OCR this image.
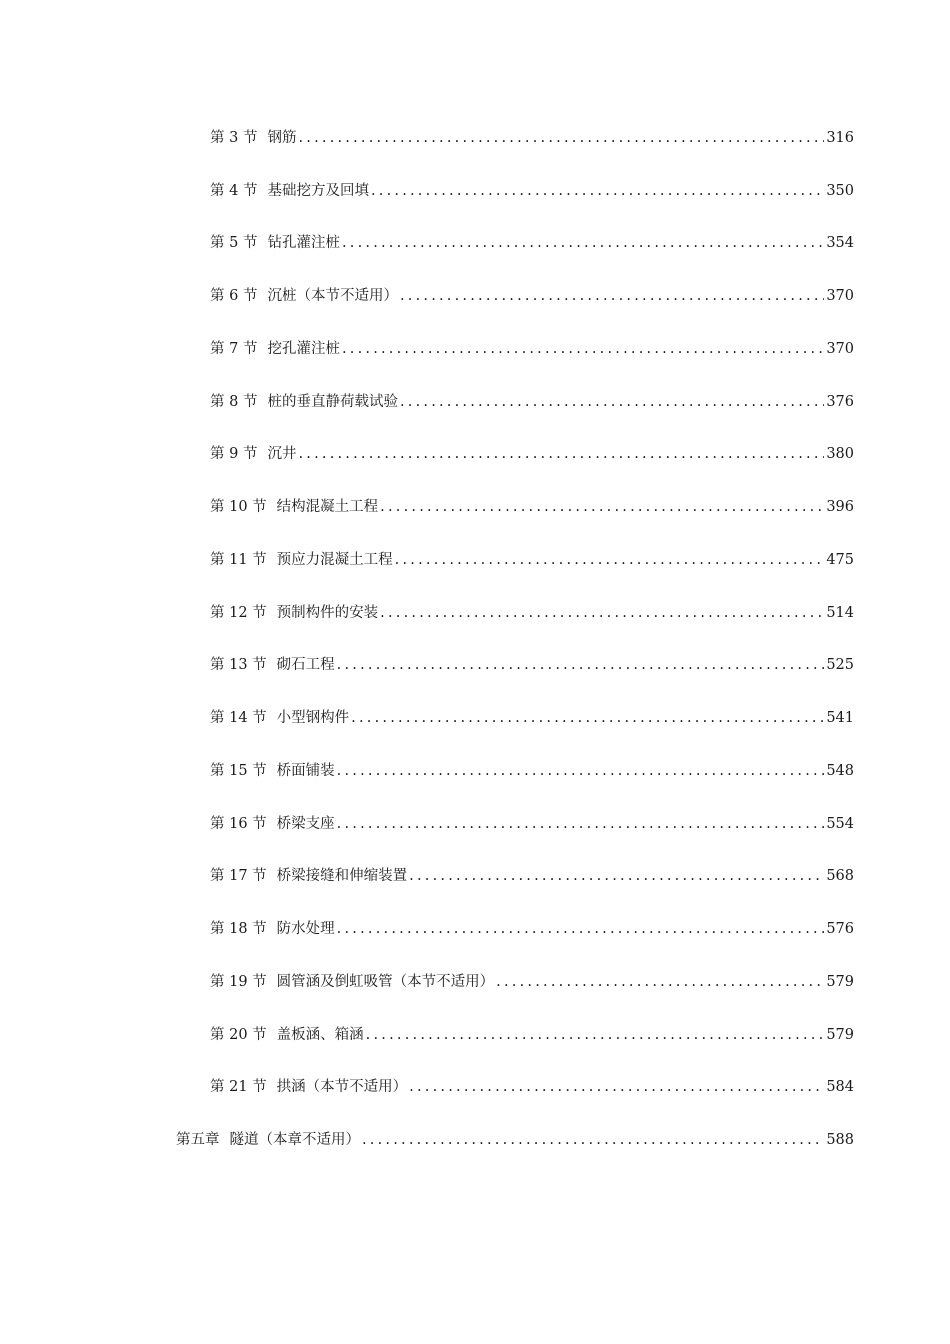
第 3 节 钢筋 .....	316
第 4 节 基础挖方及回填 .....	350
第 5 节 钻孔灌注桩 .....	354
第 6 节 沉桩（本节不适用） .....	370
第 7 节 挖孔灌注桩 .....	370
第 8 节 桩的垂直静荷载试验 .....	376
第 9 节 沉井 .....	380
第 10 节 结构混凝土工程 .....	396
第 11 节 预应力混凝土工程 .....	475
第 12 节 预制构件的安装 .....	514
第 13 节 砌石工程 .....	525
第 14 节 小型钢构件 .....	541
第 15 节 桥面铺装 .....	548
第 16 节 桥梁支座 .....	554
第 17 节 桥梁接缝和伸缩装置 .....	568
第 18 节 防水处理 .....	576
第 19 节 圆管涵及倒虹吸管（本节不适用） .....	579
第 20 节 盖板涵、箱涵 .....	579
第 21 节 拱涵（本节不适用） .....	584
第五章 隧道（本章不适用） .....	588
